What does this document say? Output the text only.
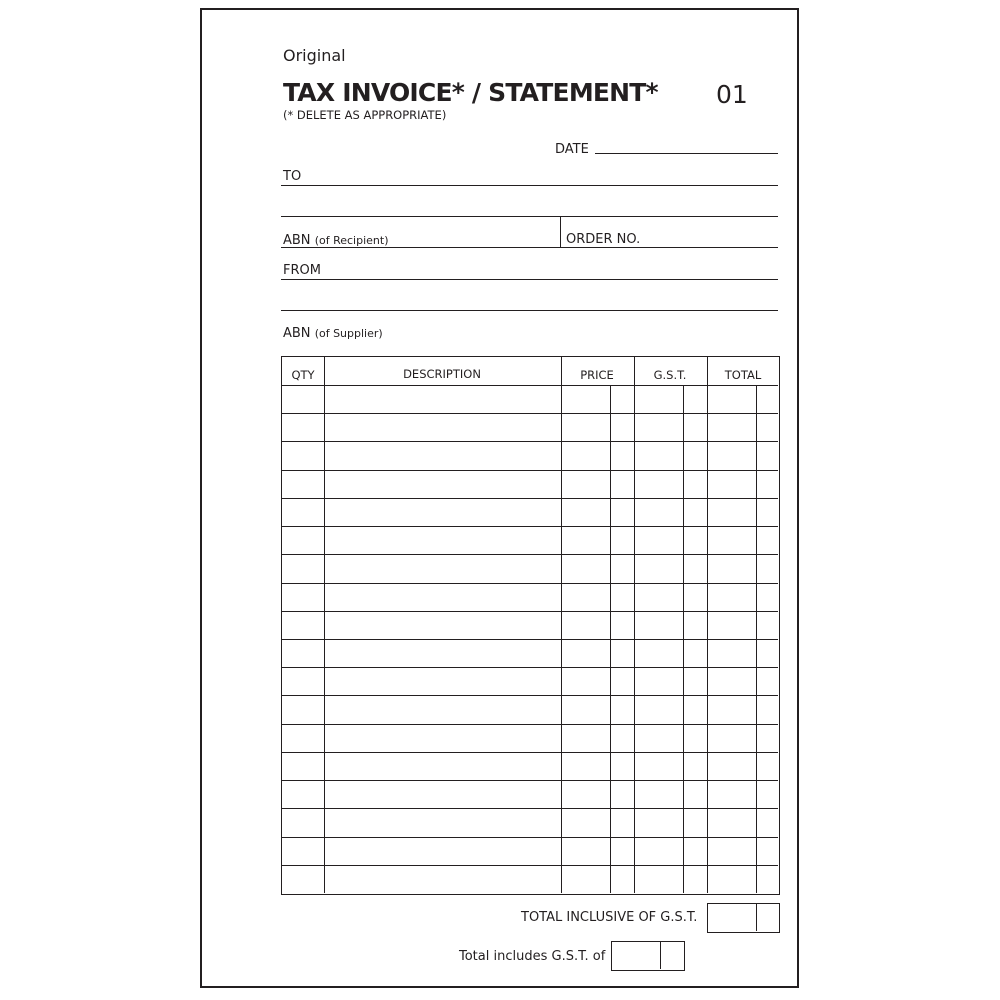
Original
TAX INVOICE* / STATEMENT* 01
(* DELETE AS APPROPRIATE)
DATE
TO
ABN (of Recipient)	ORDER NO.
FROM
ABN (of Supplier)
QTY	DESCRIPTION	PRICE	G.S.T.	TOTAL
TOTAL INCLUSIVE OF G.S.T.
Total includes G.S.T. of
